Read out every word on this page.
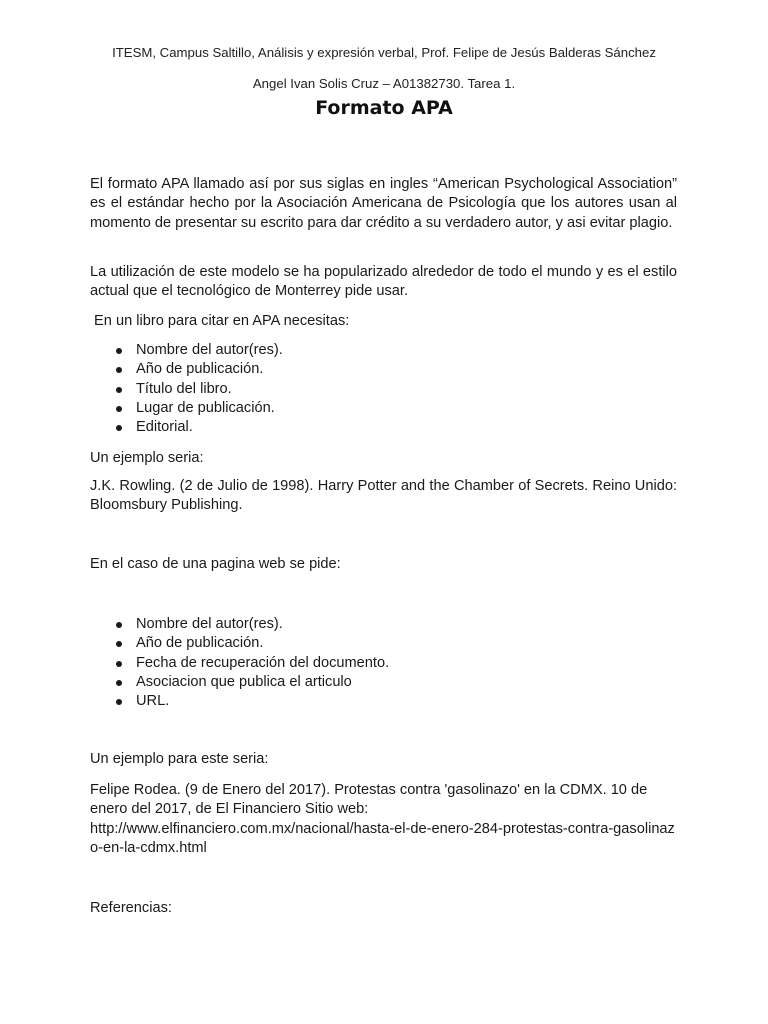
ITESM, Campus Saltillo, Análisis y expresión verbal, Prof. Felipe de Jesús Balderas Sánchez
Angel Ivan Solis Cruz – A01382730. Tarea 1.
Formato APA
El formato APA llamado así por sus siglas en ingles “American Psychological Association” es el estándar hecho por la Asociación Americana de Psicología que los autores usan al momento de presentar su escrito para dar crédito a su verdadero autor, y asi evitar plagio.
La utilización de este modelo se ha popularizado alrededor de todo el mundo y es el estilo actual que el tecnológico de Monterrey pide usar.
En un libro para citar en APA necesitas:
Nombre del autor(res).
Año de publicación.
Título del libro.
Lugar de publicación.
Editorial.
Un ejemplo seria:
J.K. Rowling. (2 de Julio de 1998). Harry Potter and the Chamber of Secrets. Reino Unido: Bloomsbury Publishing.
En el caso de una pagina web se pide:
Nombre del autor(res).
Año de publicación.
Fecha de recuperación del documento.
Asociacion que publica el articulo
URL.
Un ejemplo para este seria:
Felipe Rodea. (9 de Enero del 2017). Protestas contra 'gasolinazo' en la CDMX. 10 de enero del 2017, de El Financiero Sitio web:
http://www.elfinanciero.com.mx/nacional/hasta-el-de-enero-284-protestas-contra-gasolinazo-en-la-cdmx.html
Referencias:
